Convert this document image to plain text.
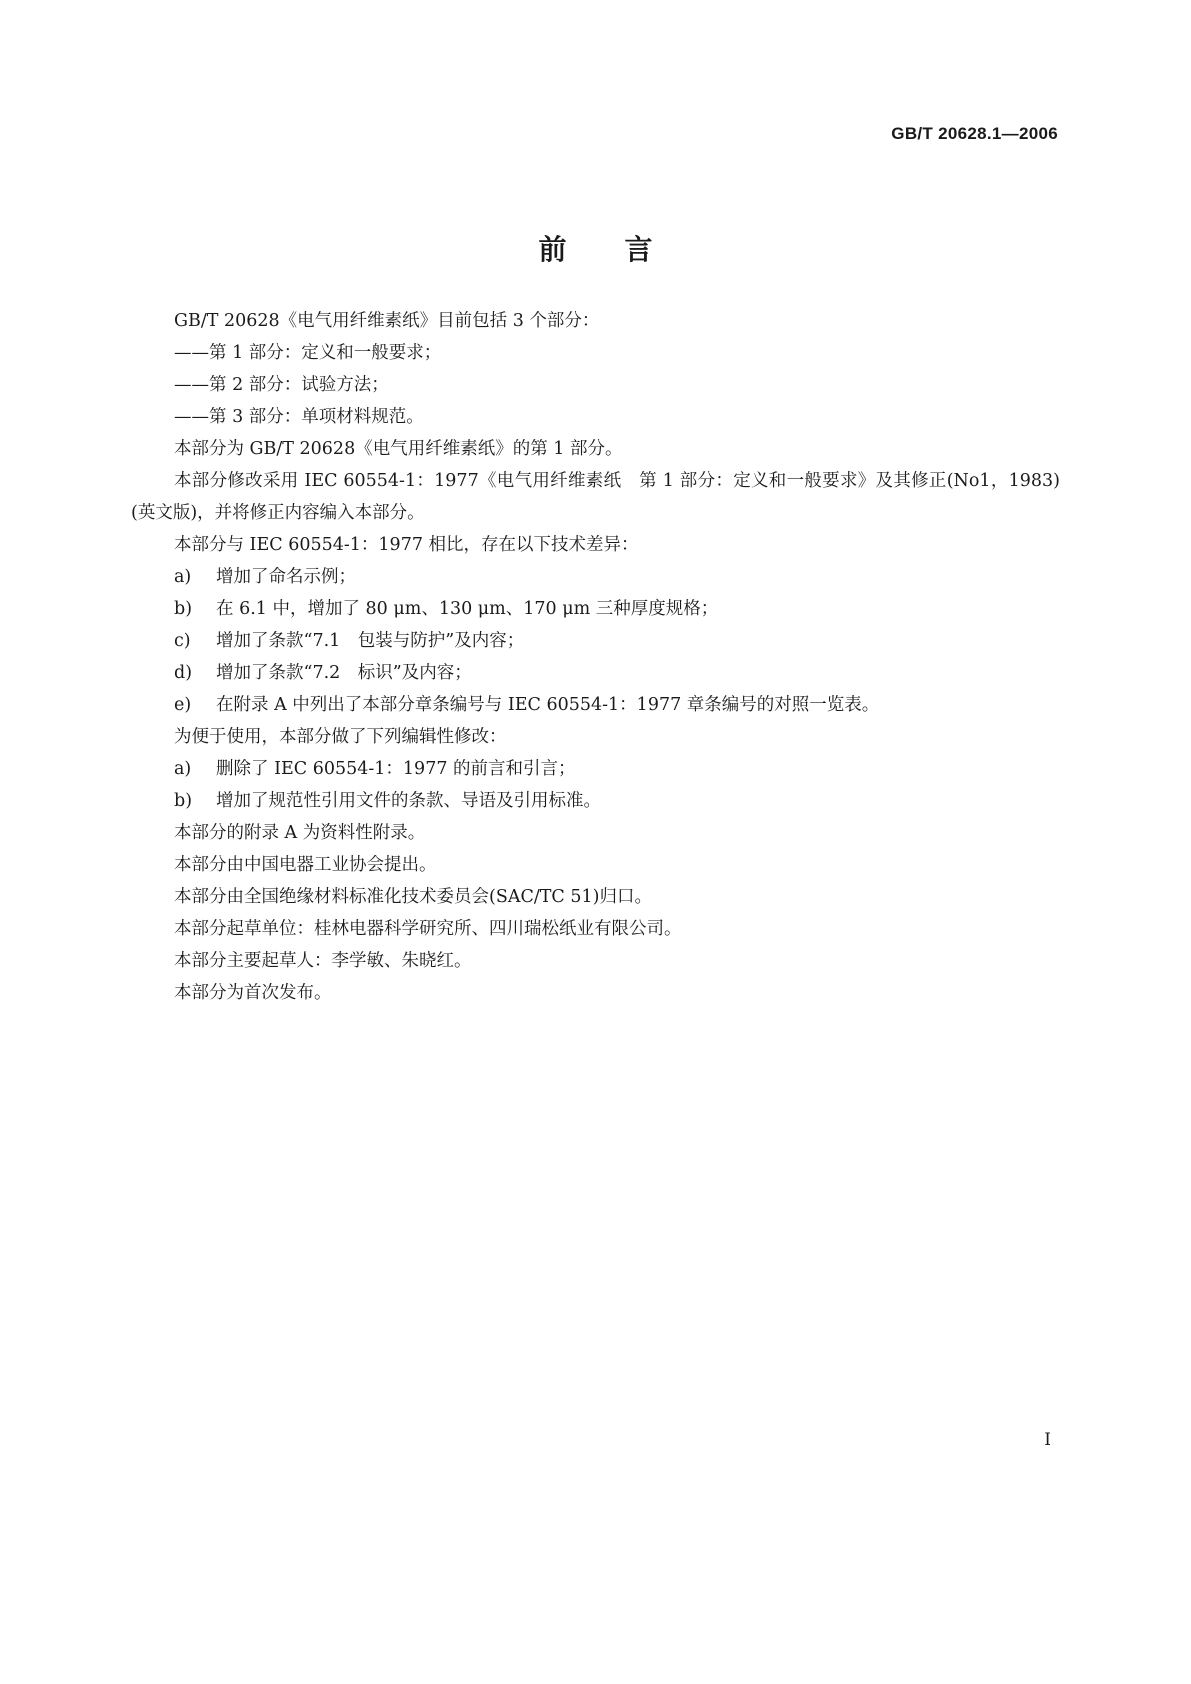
GB/T 20628.1—2006
前言

GB/T 20628《电气用纤维素纸》目前包括 3 个部分：

——第 1 部分：定义和一般要求；

——第 2 部分：试验方法；

——第 3 部分：单项材料规范。

本部分为 GB/T 20628《电气用纤维素纸》的第 1 部分。

本部分修改采用 IEC 60554-1：1977《电气用纤维素纸　第 1 部分：定义和一般要求》及其修正(No1，1983)(英文版)，并将修正内容编入本部分。

本部分与 IEC 60554-1：1977 相比，存在以下技术差异：

a) 增加了命名示例；

b) 在 6.1 中，增加了 80 μm、130 μm、170 μm 三种厚度规格；

c) 增加了条款“7.1　包装与防护”及内容；

d) 增加了条款“7.2　标识”及内容；

e) 在附录 A 中列出了本部分章条编号与 IEC 60554-1：1977 章条编号的对照一览表。

为便于使用，本部分做了下列编辑性修改：

a) 删除了 IEC 60554-1：1977 的前言和引言；

b) 增加了规范性引用文件的条款、导语及引用标准。

本部分的附录 A 为资料性附录。

本部分由中国电器工业协会提出。

本部分由全国绝缘材料标准化技术委员会(SAC/TC 51)归口。

本部分起草单位：桂林电器科学研究所、四川瑞松纸业有限公司。

本部分主要起草人：李学敏、朱晓红。

本部分为首次发布。

I
